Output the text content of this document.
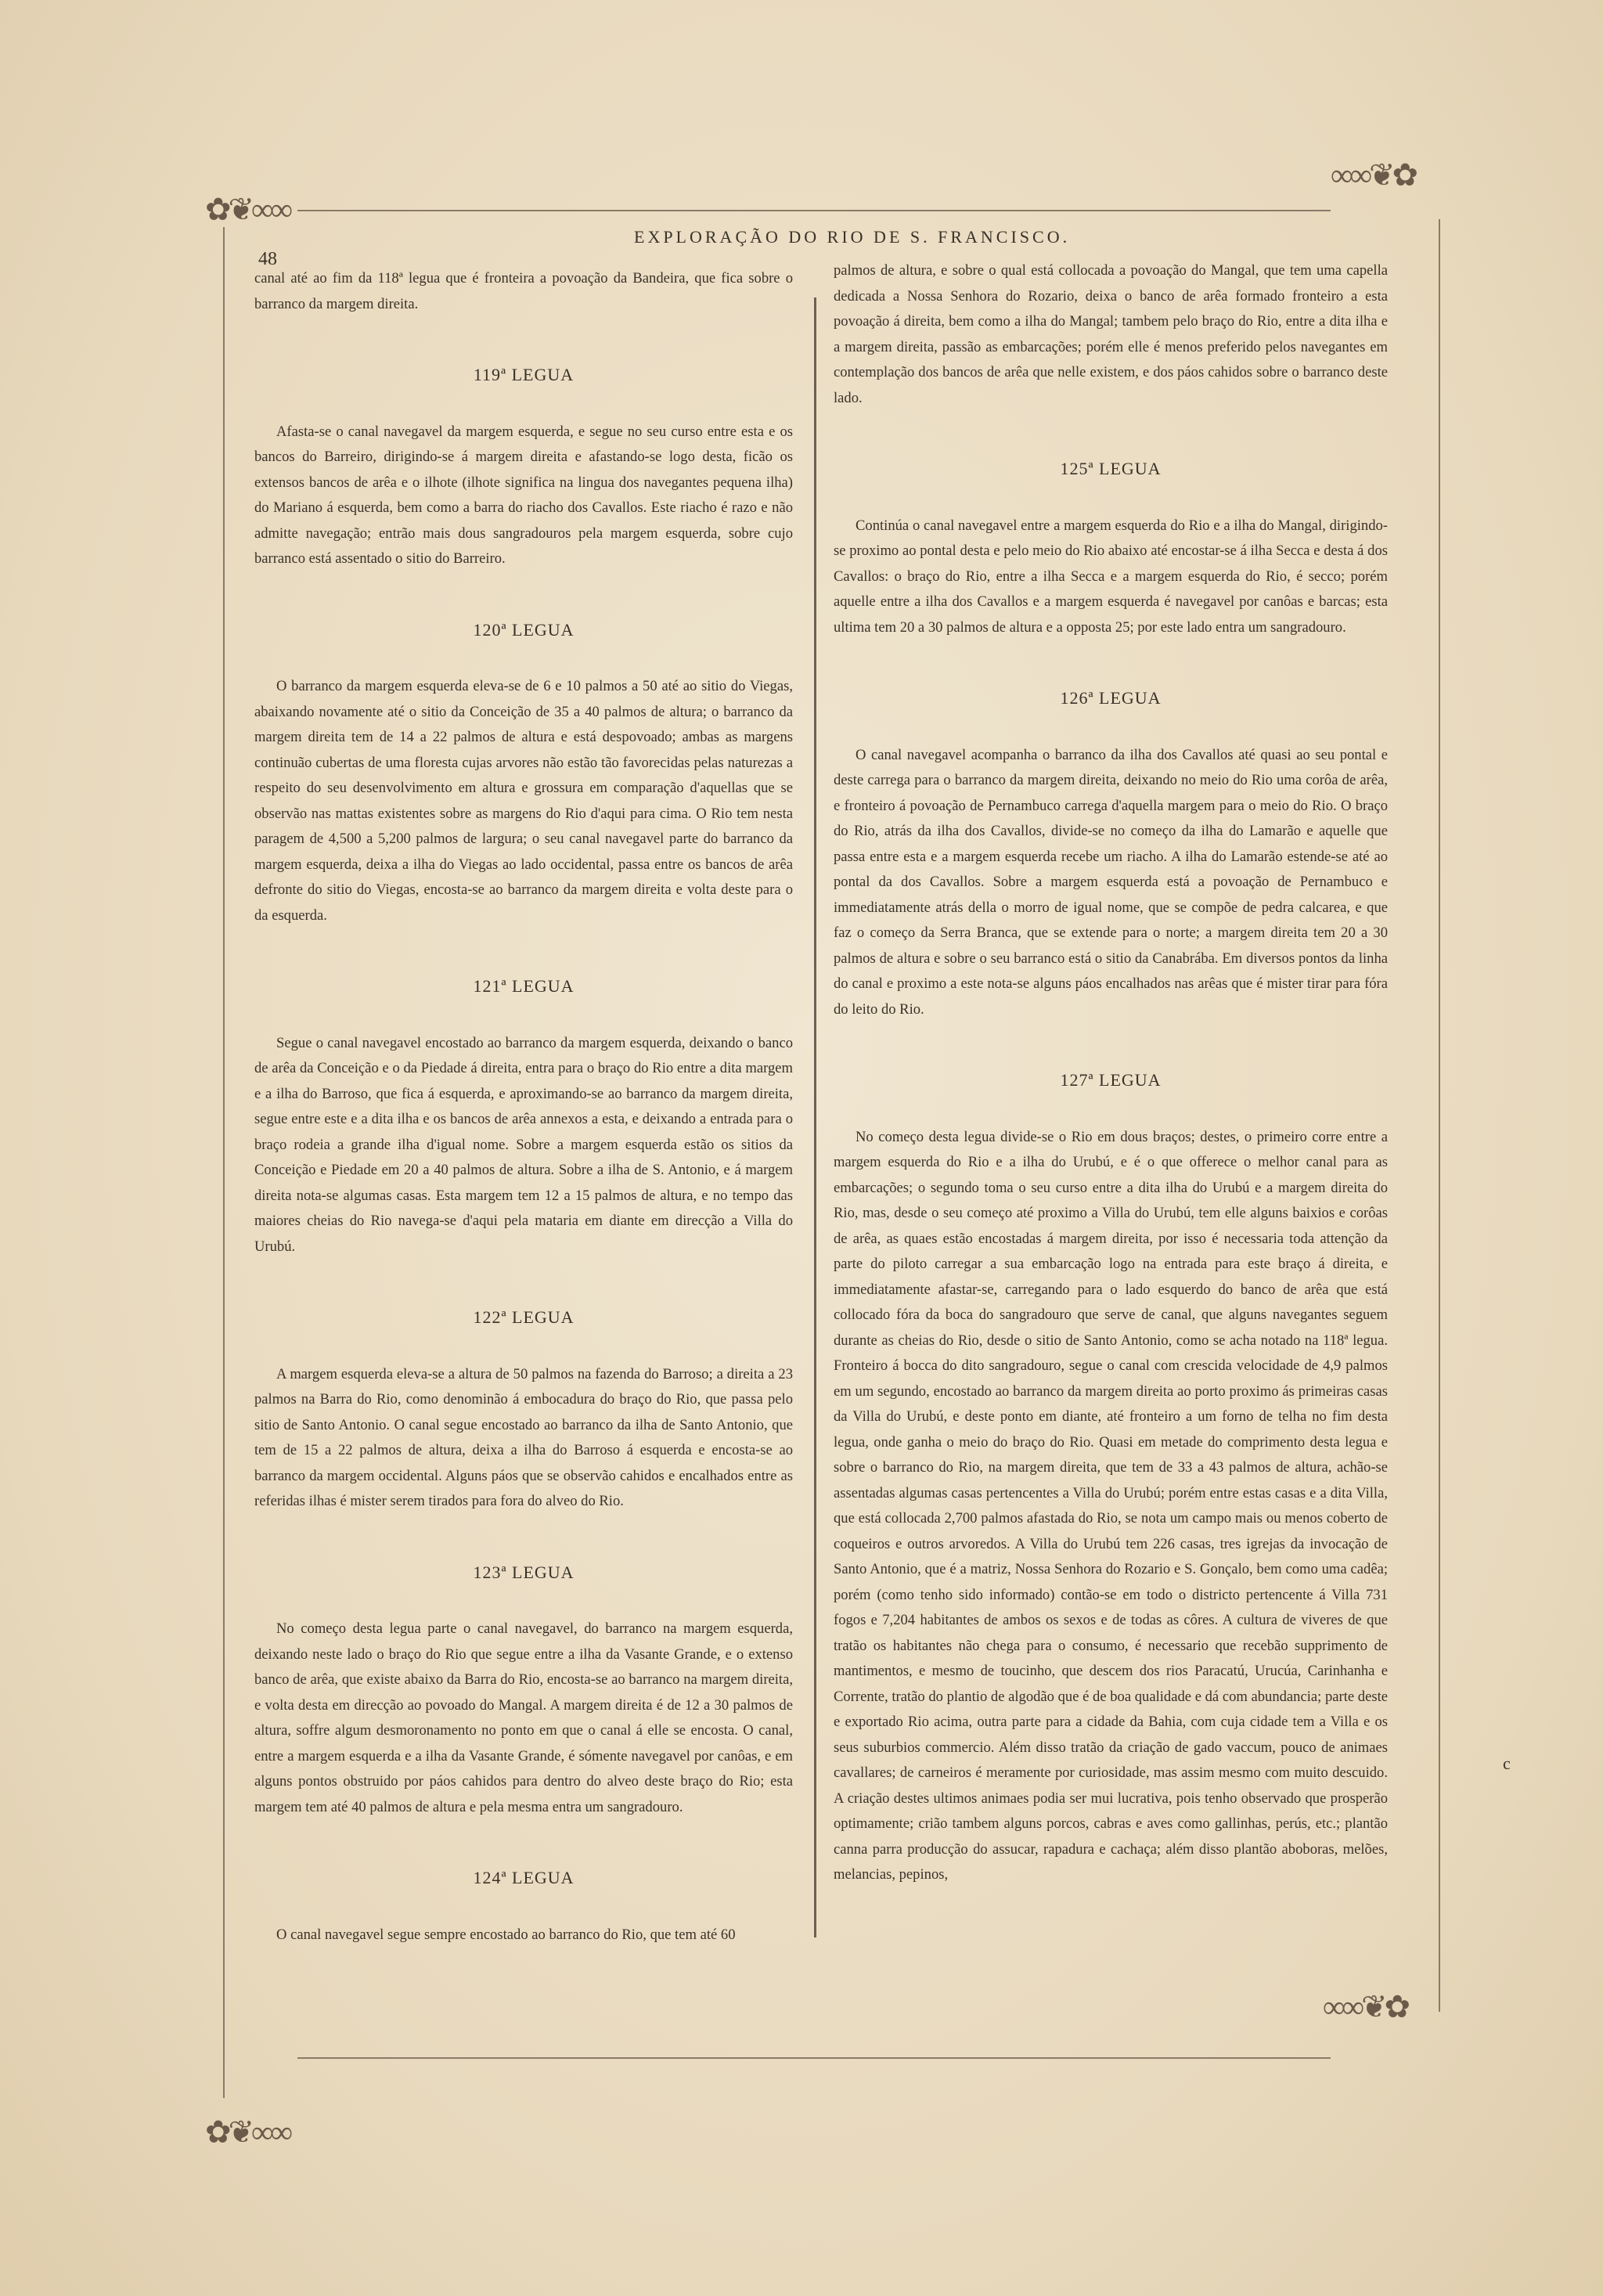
✿❦∞∞
∞∞❦✿
✿❦∞∞
∞∞❦✿
48
EXPLORAÇÃO DO RIO DE S. FRANCISCO.
c

canal até ao fim da 118ª legua que é fronteira a povoação da Bandeira, que fica sobre o barranco da margem direita.

119ª LEGUA

Afasta-se o canal navegavel da margem esquerda, e segue no seu curso entre esta e os bancos do Barreiro, dirigindo-se á margem direita e afastando-se logo desta, ficão os extensos bancos de arêa e o ilhote (ilhote significa na lingua dos navegantes pequena ilha) do Mariano á esquerda, bem como a barra do riacho dos Cavallos. Este riacho é razo e não admitte navegação; entrão mais dous sangradouros pela margem esquerda, sobre cujo barranco está assentado o sitio do Barreiro.

120ª LEGUA

O barranco da margem esquerda eleva-se de 6 e 10 palmos a 50 até ao sitio do Viegas, abaixando novamente até o sitio da Conceição de 35 a 40 palmos de altura; o barranco da margem direita tem de 14 a 22 palmos de altura e está despovoado; ambas as margens continuão cubertas de uma floresta cujas arvores não estão tão favorecidas pelas naturezas a respeito do seu desenvolvimento em altura e grossura em comparação d'aquellas que se observão nas mattas existentes sobre as margens do Rio d'aqui para cima. O Rio tem nesta paragem de 4,500 a 5,200 palmos de largura; o seu canal navegavel parte do barranco da margem esquerda, deixa a ilha do Viegas ao lado occidental, passa entre os bancos de arêa defronte do sitio do Viegas, encosta-se ao barranco da margem direita e volta deste para o da esquerda.

121ª LEGUA

Segue o canal navegavel encostado ao barranco da margem esquerda, deixando o banco de arêa da Conceição e o da Piedade á direita, entra para o braço do Rio entre a dita margem e a ilha do Barroso, que fica á esquerda, e aproximando-se ao barranco da margem direita, segue entre este e a dita ilha e os bancos de arêa annexos a esta, e deixando a entrada para o braço rodeia a grande ilha d'igual nome. Sobre a margem esquerda estão os sitios da Conceição e Piedade em 20 a 40 palmos de altura. Sobre a ilha de S. Antonio, e á margem direita nota-se algumas casas. Esta margem tem 12 a 15 palmos de altura, e no tempo das maiores cheias do Rio navega-se d'aqui pela mataria em diante em direcção a Villa do Urubú.

122ª LEGUA

A margem esquerda eleva-se a altura de 50 palmos na fazenda do Barroso; a direita a 23 palmos na Barra do Rio, como denominão á embocadura do braço do Rio, que passa pelo sitio de Santo Antonio. O canal segue encostado ao barranco da ilha de Santo Antonio, que tem de 15 a 22 palmos de altura, deixa a ilha do Barroso á esquerda e encosta-se ao barranco da margem occidental. Alguns páos que se observão cahidos e encalhados entre as referidas ilhas é mister serem tirados para fora do alveo do Rio.

123ª LEGUA

No começo desta legua parte o canal navegavel, do barranco na margem esquerda, deixando neste lado o braço do Rio que segue entre a ilha da Vasante Grande, e o extenso banco de arêa, que existe abaixo da Barra do Rio, encosta-se ao barranco na margem direita, e volta desta em direcção ao povoado do Mangal. A margem direita é de 12 a 30 palmos de altura, soffre algum desmoronamento no ponto em que o canal á elle se encosta. O canal, entre a margem esquerda e a ilha da Vasante Grande, é sómente navegavel por canôas, e em alguns pontos obstruido por páos cahidos para dentro do alveo deste braço do Rio; esta margem tem até 40 palmos de altura e pela mesma entra um sangradouro.

124ª LEGUA

O canal navegavel segue sempre encostado ao barranco do Rio, que tem até 60

palmos de altura, e sobre o qual está collocada a povoação do Mangal, que tem uma capella dedicada a Nossa Senhora do Rozario, deixa o banco de arêa formado fronteiro a esta povoação á direita, bem como a ilha do Mangal; tambem pelo braço do Rio, entre a dita ilha e a margem direita, passão as embarcações; porém elle é menos preferido pelos navegantes em contemplação dos bancos de arêa que nelle existem, e dos páos cahidos sobre o barranco deste lado.

125ª LEGUA

Continúa o canal navegavel entre a margem esquerda do Rio e a ilha do Mangal, dirigindo-se proximo ao pontal desta e pelo meio do Rio abaixo até encostar-se á ilha Secca e desta á dos Cavallos: o braço do Rio, entre a ilha Secca e a margem esquerda do Rio, é secco; porém aquelle entre a ilha dos Cavallos e a margem esquerda é navegavel por canôas e barcas; esta ultima tem 20 a 30 palmos de altura e a opposta 25; por este lado entra um sangradouro.

126ª LEGUA

O canal navegavel acompanha o barranco da ilha dos Cavallos até quasi ao seu pontal e deste carrega para o barranco da margem direita, deixando no meio do Rio uma corôa de arêa, e fronteiro á povoação de Pernambuco carrega d'aquella margem para o meio do Rio. O braço do Rio, atrás da ilha dos Cavallos, divide-se no começo da ilha do Lamarão e aquelle que passa entre esta e a margem esquerda recebe um riacho. A ilha do Lamarão estende-se até ao pontal da dos Cavallos. Sobre a margem esquerda está a povoação de Pernambuco e immediatamente atrás della o morro de igual nome, que se compõe de pedra calcarea, e que faz o começo da Serra Branca, que se extende para o norte; a margem direita tem 20 a 30 palmos de altura e sobre o seu barranco está o sitio da Canabrába. Em diversos pontos da linha do canal e proximo a este nota-se alguns páos encalhados nas arêas que é mister tirar para fóra do leito do Rio.

127ª LEGUA

No começo desta legua divide-se o Rio em dous braços; destes, o primeiro corre entre a margem esquerda do Rio e a ilha do Urubú, e é o que offerece o melhor canal para as embarcações; o segundo toma o seu curso entre a dita ilha do Urubú e a margem direita do Rio, mas, desde o seu começo até proximo a Villa do Urubú, tem elle alguns baixios e corôas de arêa, as quaes estão encostadas á margem direita, por isso é necessaria toda attenção da parte do piloto carregar a sua embarcação logo na entrada para este braço á direita, e immediatamente afastar-se, carregando para o lado esquerdo do banco de arêa que está collocado fóra da boca do sangradouro que serve de canal, que alguns navegantes seguem durante as cheias do Rio, desde o sitio de Santo Antonio, como se acha notado na 118ª legua. Fronteiro á bocca do dito sangradouro, segue o canal com crescida velocidade de 4,9 palmos em um segundo, encostado ao barranco da margem direita ao porto proximo ás primeiras casas da Villa do Urubú, e deste ponto em diante, até fronteiro a um forno de telha no fim desta legua, onde ganha o meio do braço do Rio. Quasi em metade do comprimento desta legua e sobre o barranco do Rio, na margem direita, que tem de 33 a 43 palmos de altura, achão-se assentadas algumas casas pertencentes a Villa do Urubú; porém entre estas casas e a dita Villa, que está collocada 2,700 palmos afastada do Rio, se nota um campo mais ou menos coberto de coqueiros e outros arvoredos. A Villa do Urubú tem 226 casas, tres igrejas da invocação de Santo Antonio, que é a matriz, Nossa Senhora do Rozario e S. Gonçalo, bem como uma cadêa; porém (como tenho sido informado) contão-se em todo o districto pertencente á Villa 731 fogos e 7,204 habitantes de ambos os sexos e de todas as côres. A cultura de viveres de que tratão os habitantes não chega para o consumo, é necessario que recebão supprimento de mantimentos, e mesmo de toucinho, que descem dos rios Paracatú, Urucúa, Carinhanha e Corrente, tratão do plantio de algodão que é de boa qualidade e dá com abundancia; parte deste e exportado Rio acima, outra parte para a cidade da Bahia, com cuja cidade tem a Villa e os seus suburbios commercio. Além disso tratão da criação de gado vaccum, pouco de animaes cavallares; de carneiros é meramente por curiosidade, mas assim mesmo com muito descuido. A criação destes ultimos animaes podia ser mui lucrativa, pois tenho observado que prosperão optimamente; crião tambem alguns porcos, cabras e aves como gallinhas, perús, etc.; plantão canna parra producção do assucar, rapadura e cachaça; além disso plantão aboboras, melões, melancias, pepinos,
